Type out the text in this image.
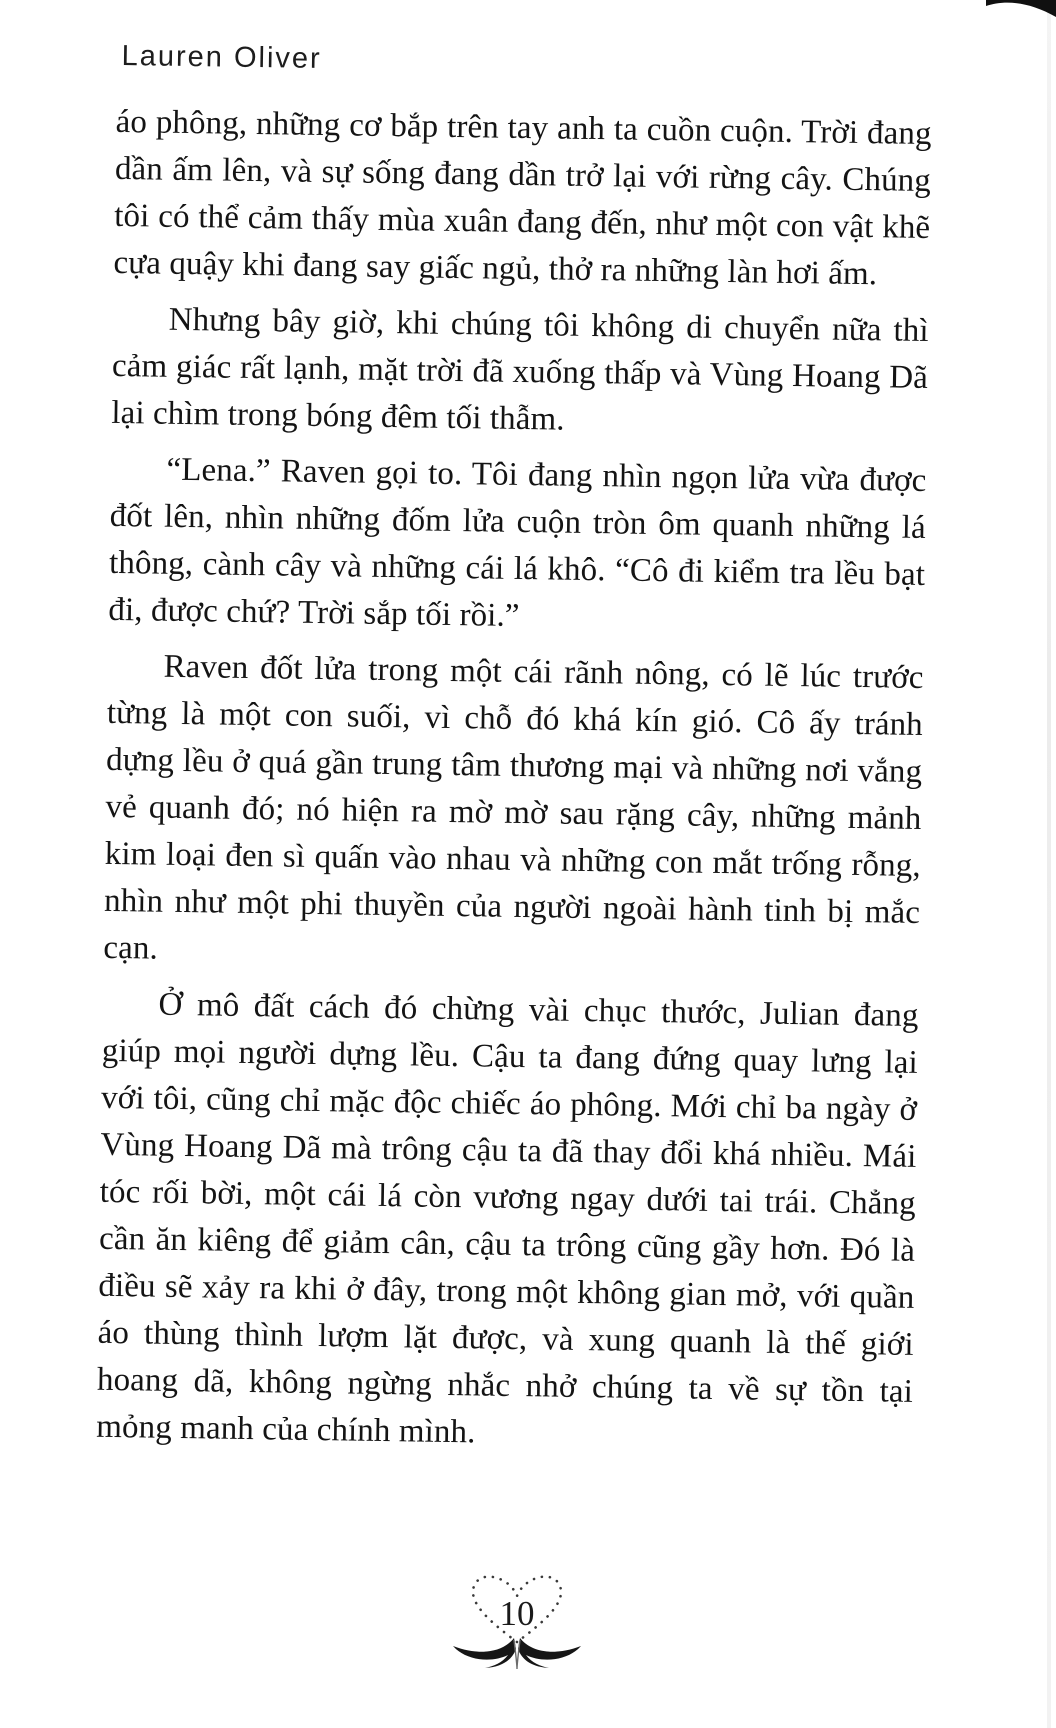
Lauren Oliver

áo phông, những cơ bắp trên tay anh ta cuồn cuộn. Trời đang dần ấm lên, và sự sống đang dần trở lại với rừng cây. Chúng tôi có thể cảm thấy mùa xuân đang đến, như một con vật khẽ cựa quậy khi đang say giấc ngủ, thở ra những làn hơi ấm.

Nhưng bây giờ, khi chúng tôi không di chuyển nữa thì cảm giác rất lạnh, mặt trời đã xuống thấp và Vùng Hoang Dã lại chìm trong bóng đêm tối thẫm.

“Lena.” Raven gọi to. Tôi đang nhìn ngọn lửa vừa được đốt lên, nhìn những đốm lửa cuộn tròn ôm quanh những lá thông, cành cây và những cái lá khô. “Cô đi kiểm tra lều bạt đi, được chứ? Trời sắp tối rồi.”

Raven đốt lửa trong một cái rãnh nông, có lẽ lúc trước từng là một con suối, vì chỗ đó khá kín gió. Cô ấy tránh dựng lều ở quá gần trung tâm thương mại và những nơi vắng vẻ quanh đó; nó hiện ra mờ mờ sau rặng cây, những mảnh kim loại đen sì quấn vào nhau và những con mắt trống rỗng, nhìn như một phi thuyền của người ngoài hành tinh bị mắc cạn.

Ở mô đất cách đó chừng vài chục thước, Julian đang giúp mọi người dựng lều. Cậu ta đang đứng quay lưng lại với tôi, cũng chỉ mặc độc chiếc áo phông. Mới chỉ ba ngày ở Vùng Hoang Dã mà trông cậu ta đã thay đổi khá nhiều. Mái tóc rối bời, một cái lá còn vương ngay dưới tai trái. Chẳng cần ăn kiêng để giảm cân, cậu ta trông cũng gầy hơn. Đó là điều sẽ xảy ra khi ở đây, trong một không gian mở, với quần áo thùng thình lượm lặt được, và xung quanh là thế giới hoang dã, không ngừng nhắc nhở chúng ta về sự tồn tại mỏng manh của chính mình.

10
